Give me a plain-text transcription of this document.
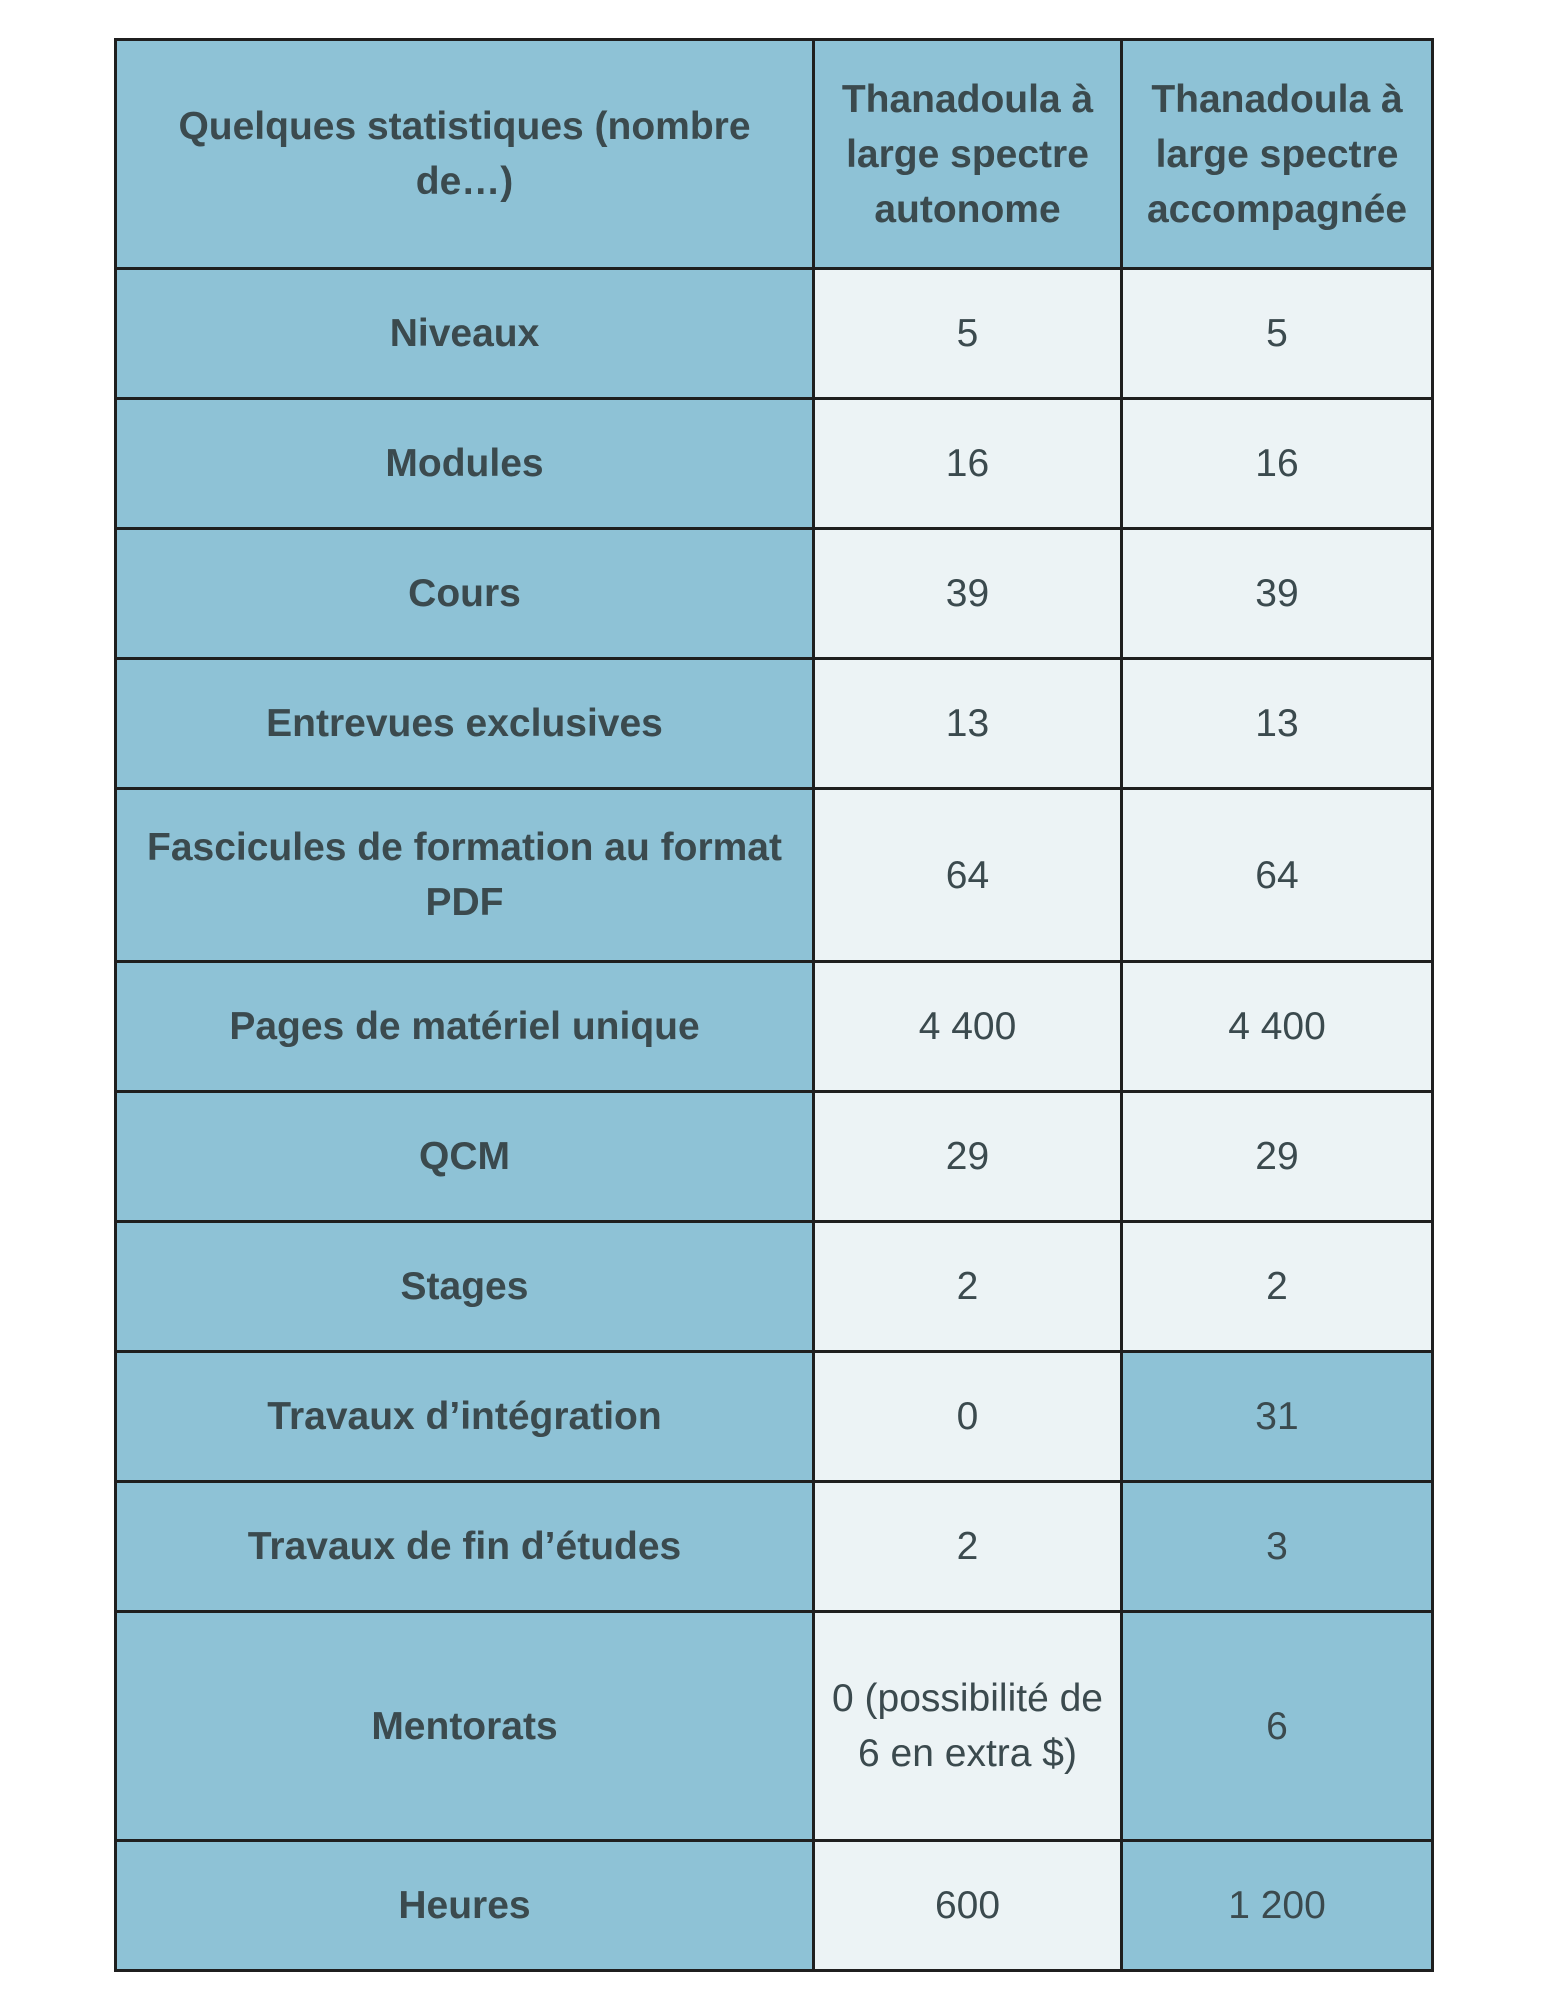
Quelques statistiques (nombre de…)	Thanadoula à large spectre autonome	Thanadoula à large spectre accompagnée
Niveaux	5	5
Modules	16	16
Cours	39	39
Entrevues exclusives	13	13
Fascicules de formation au format PDF	64	64
Pages de matériel unique	4 400	4 400
QCM	29	29
Stages	2	2
Travaux d’intégration	0	31
Travaux de fin d’études	2	3
Mentorats	0 (possibilité de 6 en extra $)	6
Heures	600	1 200
